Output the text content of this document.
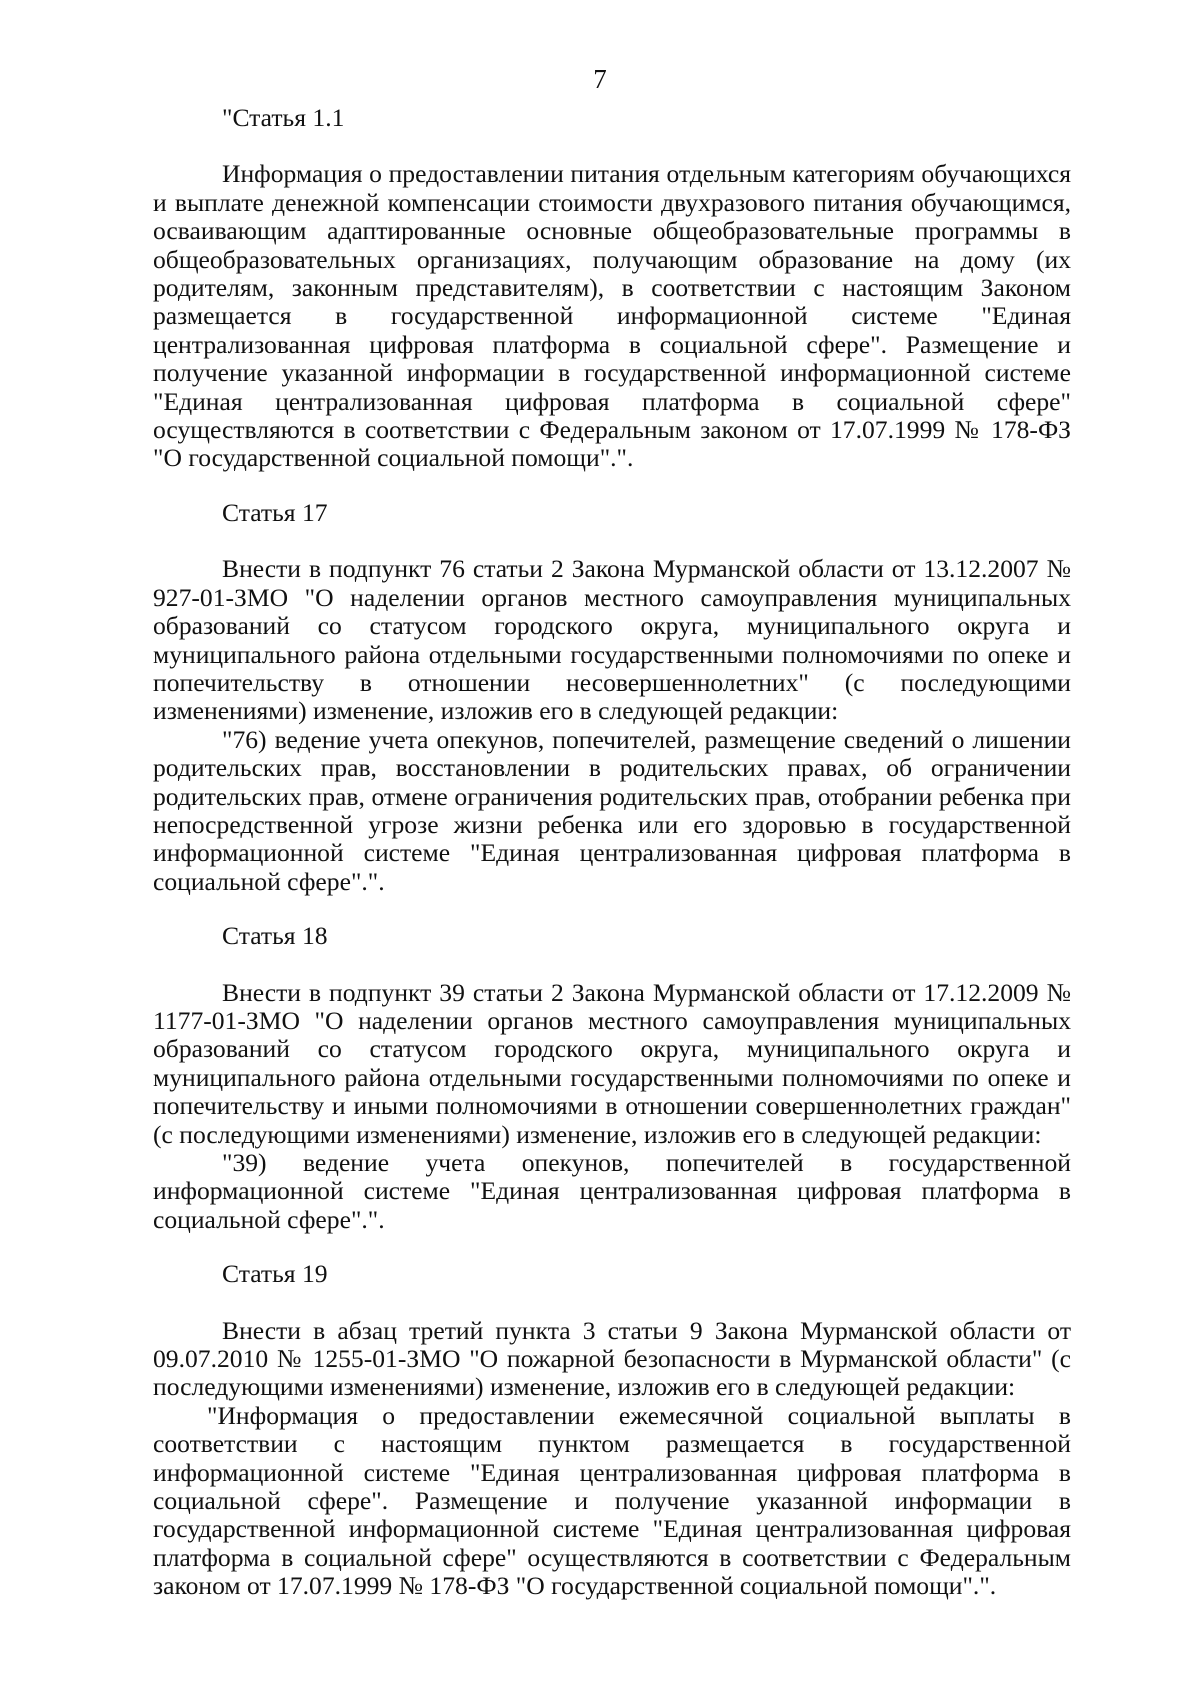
7
"Статья 1.1

Информация о предоставлении питания отдельным категориям обучающихся и выплате денежной компенсации стоимости двухразового питания обучающимся, осваивающим адаптированные основные общеобразовательные программы в общеобразовательных организациях, получающим образование на дому (их родителям, законным представителям), в соответствии с настоящим Законом размещается в государственной информационной системе "Единая централизованная цифровая платформа в социальной сфере". Размещение и получение указанной информации в государственной информационной системе "Единая централизованная цифровая платформа в социальной сфере" осуществляются в соответствии с Федеральным законом от 17.07.1999 № 178-ФЗ "О государственной социальной помощи".".

Статья 17

Внести в подпункт 76 статьи 2 Закона Мурманской области от 13.12.2007 № 927-01-ЗМО "О наделении органов местного самоуправления муниципальных образований со статусом городского округа, муниципального округа и муниципального района отдельными государственными полномочиями по опеке и попечительству в отношении несовершеннолетних" (с последующими изменениями) изменение, изложив его в следующей редакции:

"76) ведение учета опекунов, попечителей, размещение сведений о лишении родительских прав, восстановлении в родительских правах, об ограничении родительских прав, отмене ограничения родительских прав, отобрании ребенка при непосредственной угрозе жизни ребенка или его здоровью в государственной информационной системе "Единая централизованная цифровая платформа в социальной сфере".".

Статья 18

Внести в подпункт 39 статьи 2 Закона Мурманской области от 17.12.2009 № 1177-01-ЗМО "О наделении органов местного самоуправления муниципальных образований со статусом городского округа, муниципального округа и муниципального района отдельными государственными полномочиями по опеке и попечительству и иными полномочиями в отношении совершеннолетних граждан" (с последующими изменениями) изменение, изложив его в следующей редакции:

"39) ведение учета опекунов, попечителей в государственной информационной системе "Единая централизованная цифровая платформа в социальной сфере".".

Статья 19

Внести в абзац третий пункта 3 статьи 9 Закона Мурманской области от 09.07.2010 № 1255-01-ЗМО "О пожарной безопасности в Мурманской области" (с последующими изменениями) изменение, изложив его в следующей редакции:

"Информация о предоставлении ежемесячной социальной выплаты в соответствии с настоящим пунктом размещается в государственной информационной системе "Единая централизованная цифровая платформа в социальной сфере". Размещение и получение указанной информации в государственной информационной системе "Единая централизованная цифровая платформа в социальной сфере" осуществляются в соответствии с Федеральным законом от 17.07.1999 № 178-ФЗ "О государственной социальной помощи".".
